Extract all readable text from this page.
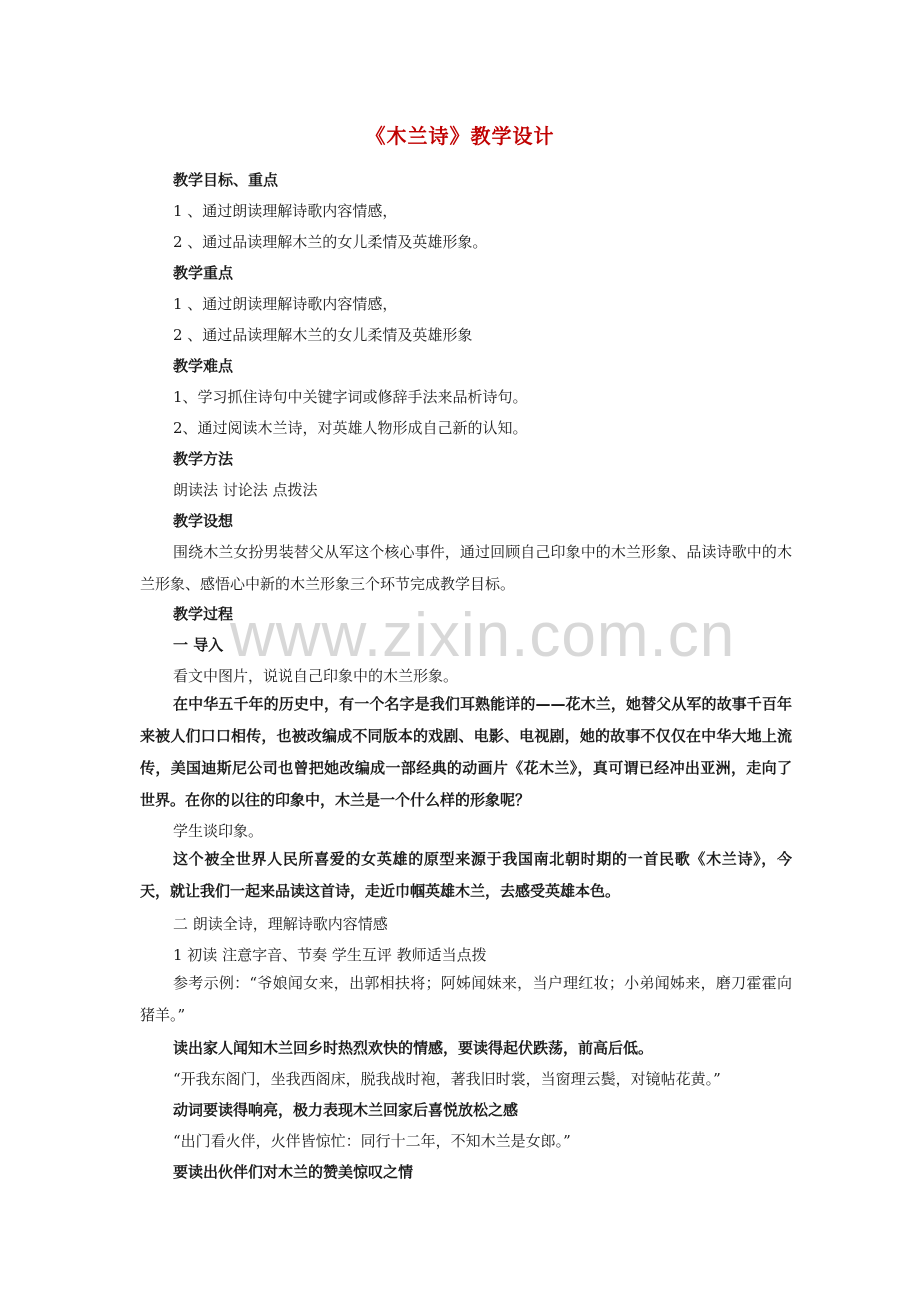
《木兰诗》教学设计
www.zixin.com.cn
教学目标、重点
1 、通过朗读理解诗歌内容情感，
2 、通过品读理解木兰的女儿柔情及英雄形象。
教学重点
1 、通过朗读理解诗歌内容情感，
2 、通过品读理解木兰的女儿柔情及英雄形象
教学难点
1、学习抓住诗句中关键字词或修辞手法来品析诗句。
2、通过阅读木兰诗，对英雄人物形成自己新的认知。
教学方法
朗读法 讨论法 点拨法
教学设想
围绕木兰女扮男装替父从军这个核心事件，通过回顾自己印象中的木兰形象、品读诗歌中的木兰形象、感悟心中新的木兰形象三个环节完成教学目标。
教学过程
一 导入
看文中图片，说说自己印象中的木兰形象。
在中华五千年的历史中，有一个名字是我们耳熟能详的——花木兰，她替父从军的故事千百年来被人们口口相传，也被改编成不同版本的戏剧、电影、电视剧，她的故事不仅仅在中华大地上流传，美国迪斯尼公司也曾把她改编成一部经典的动画片《花木兰》，真可谓已经冲出亚洲，走向了世界。在你的以往的印象中，木兰是一个什么样的形象呢？
学生谈印象。
这个被全世界人民所喜爱的女英雄的原型来源于我国南北朝时期的一首民歌《木兰诗》，今天，就让我们一起来品读这首诗，走近巾帼英雄木兰，去感受英雄本色。
二 朗读全诗，理解诗歌内容情感
1 初读 注意字音、节奏 学生互评 教师适当点拨
参考示例：“爷娘闻女来，出郭相扶将；阿姊闻妹来，当户理红妆；小弟闻姊来，磨刀霍霍向猪羊。”
读出家人闻知木兰回乡时热烈欢快的情感，要读得起伏跌荡，前高后低。
“开我东阁门，坐我西阁床，脱我战时袍，著我旧时裳，当窗理云鬓，对镜帖花黄。”
动词要读得响亮，极力表现木兰回家后喜悦放松之感
“出门看火伴，火伴皆惊忙：同行十二年，不知木兰是女郎。”
要读出伙伴们对木兰的赞美惊叹之情
